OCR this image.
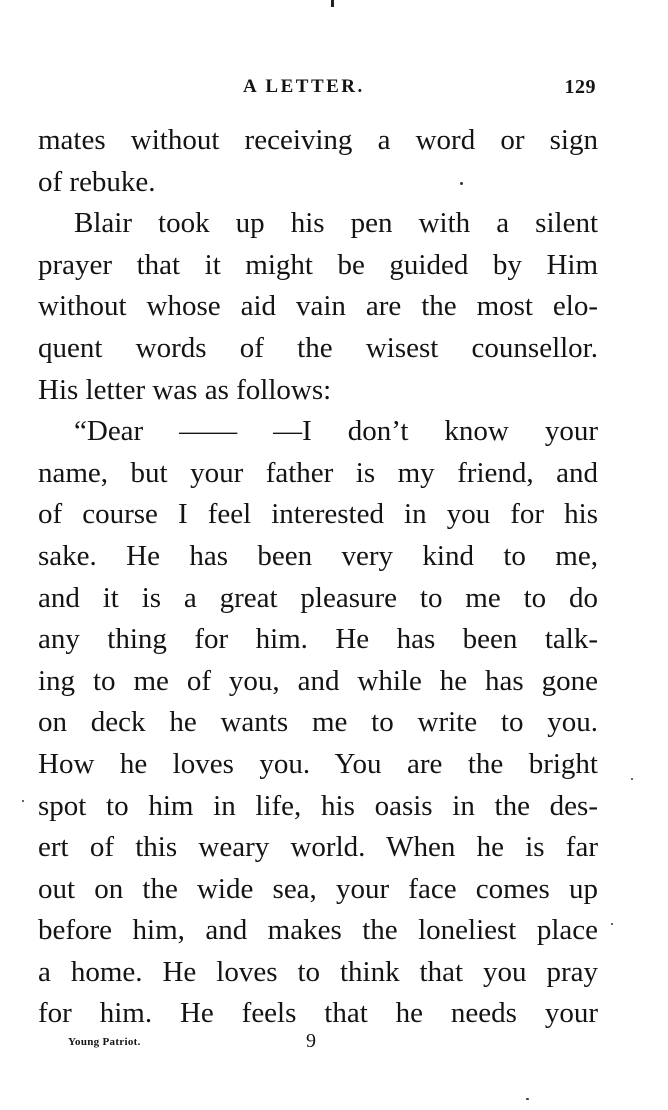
A LETTER.	129
mates without receiving a word or sign
of rebuke.
Blair took up his pen with a silent
prayer that it might be guided by Him
without whose aid vain are the most elo-
quent words of the wisest counsellor.
His letter was as follows:
“Dear —— —I don’t know your
name, but your father is my friend, and
of course I feel interested in you for his
sake. He has been very kind to me,
and it is a great pleasure to me to do
any thing for him. He has been talk-
ing to me of you, and while he has gone
on deck he wants me to write to you.
How he loves you. You are the bright
spot to him in life, his oasis in the des-
ert of this weary world. When he is far
out on the wide sea, your face comes up
before him, and makes the loneliest place
a home. He loves to think that you pray
for him. He feels that he needs your
Young Patriot.	9
